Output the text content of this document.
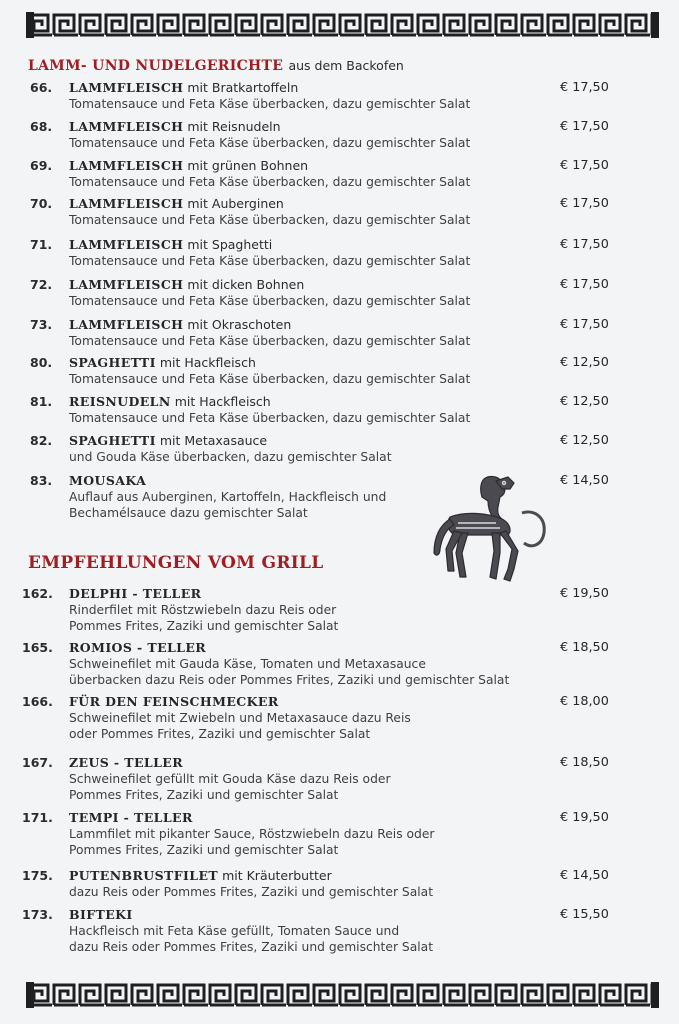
LAMM- UND NUDELGERICHTE aus dem Backofen
66. LAMMFLEISCH mit Bratkartoffeln
Tomatensauce und Feta Käse überbacken, dazu gemischter Salat
€ 17,50
68. LAMMFLEISCH mit Reisnudeln
Tomatensauce und Feta Käse überbacken, dazu gemischter Salat
€ 17,50
69. LAMMFLEISCH mit grünen Bohnen
Tomatensauce und Feta Käse überbacken, dazu gemischter Salat
€ 17,50
70. LAMMFLEISCH mit Auberginen
Tomatensauce und Feta Käse überbacken, dazu gemischter Salat
€ 17,50
71. LAMMFLEISCH mit Spaghetti
Tomatensauce und Feta Käse überbacken, dazu gemischter Salat
€ 17,50
72. LAMMFLEISCH mit dicken Bohnen
Tomatensauce und Feta Käse überbacken, dazu gemischter Salat
€ 17,50
73. LAMMFLEISCH mit Okraschoten
Tomatensauce und Feta Käse überbacken, dazu gemischter Salat
€ 17,50
80. SPAGHETTI mit Hackfleisch
Tomatensauce und Feta Käse überbacken, dazu gemischter Salat
€ 12,50
81. REISNUDELN mit Hackfleisch
Tomatensauce und Feta Käse überbacken, dazu gemischter Salat
€ 12,50
82. SPAGHETTI mit Metaxasauce
und Gouda Käse überbacken, dazu gemischter Salat
€ 12,50
83. MOUSAKA
Auflauf aus Auberginen, Kartoffeln, Hackfleisch und
Bechamélsauce dazu gemischter Salat
€ 14,50
EMPFEHLUNGEN VOM GRILL
162. DELPHI - TELLER
Rinderfilet mit Röstzwiebeln dazu Reis oder
Pommes Frites, Zaziki und gemischter Salat
€ 19,50
165. ROMIOS - TELLER
Schweinefilet mit Gauda Käse, Tomaten und Metaxasauce
überbacken dazu Reis oder Pommes Frites, Zaziki und gemischter Salat
€ 18,50
166. FÜR DEN FEINSCHMECKER
Schweinefilet mit Zwiebeln und Metaxasauce dazu Reis
oder Pommes Frites, Zaziki und gemischter Salat
€ 18,00
167. ZEUS - TELLER
Schweinefilet gefüllt mit Gouda Käse dazu Reis oder
Pommes Frites, Zaziki und gemischter Salat
€ 18,50
171. TEMPI - TELLER
Lammfilet mit pikanter Sauce, Röstzwiebeln dazu Reis oder
Pommes Frites, Zaziki und gemischter Salat
€ 19,50
175. PUTENBRUSTFILET mit Kräuterbutter
dazu Reis oder Pommes Frites, Zaziki und gemischter Salat
€ 14,50
173. BIFTEKI
Hackfleisch mit Feta Käse gefüllt, Tomaten Sauce und
dazu Reis oder Pommes Frites, Zaziki und gemischter Salat
€ 15,50
